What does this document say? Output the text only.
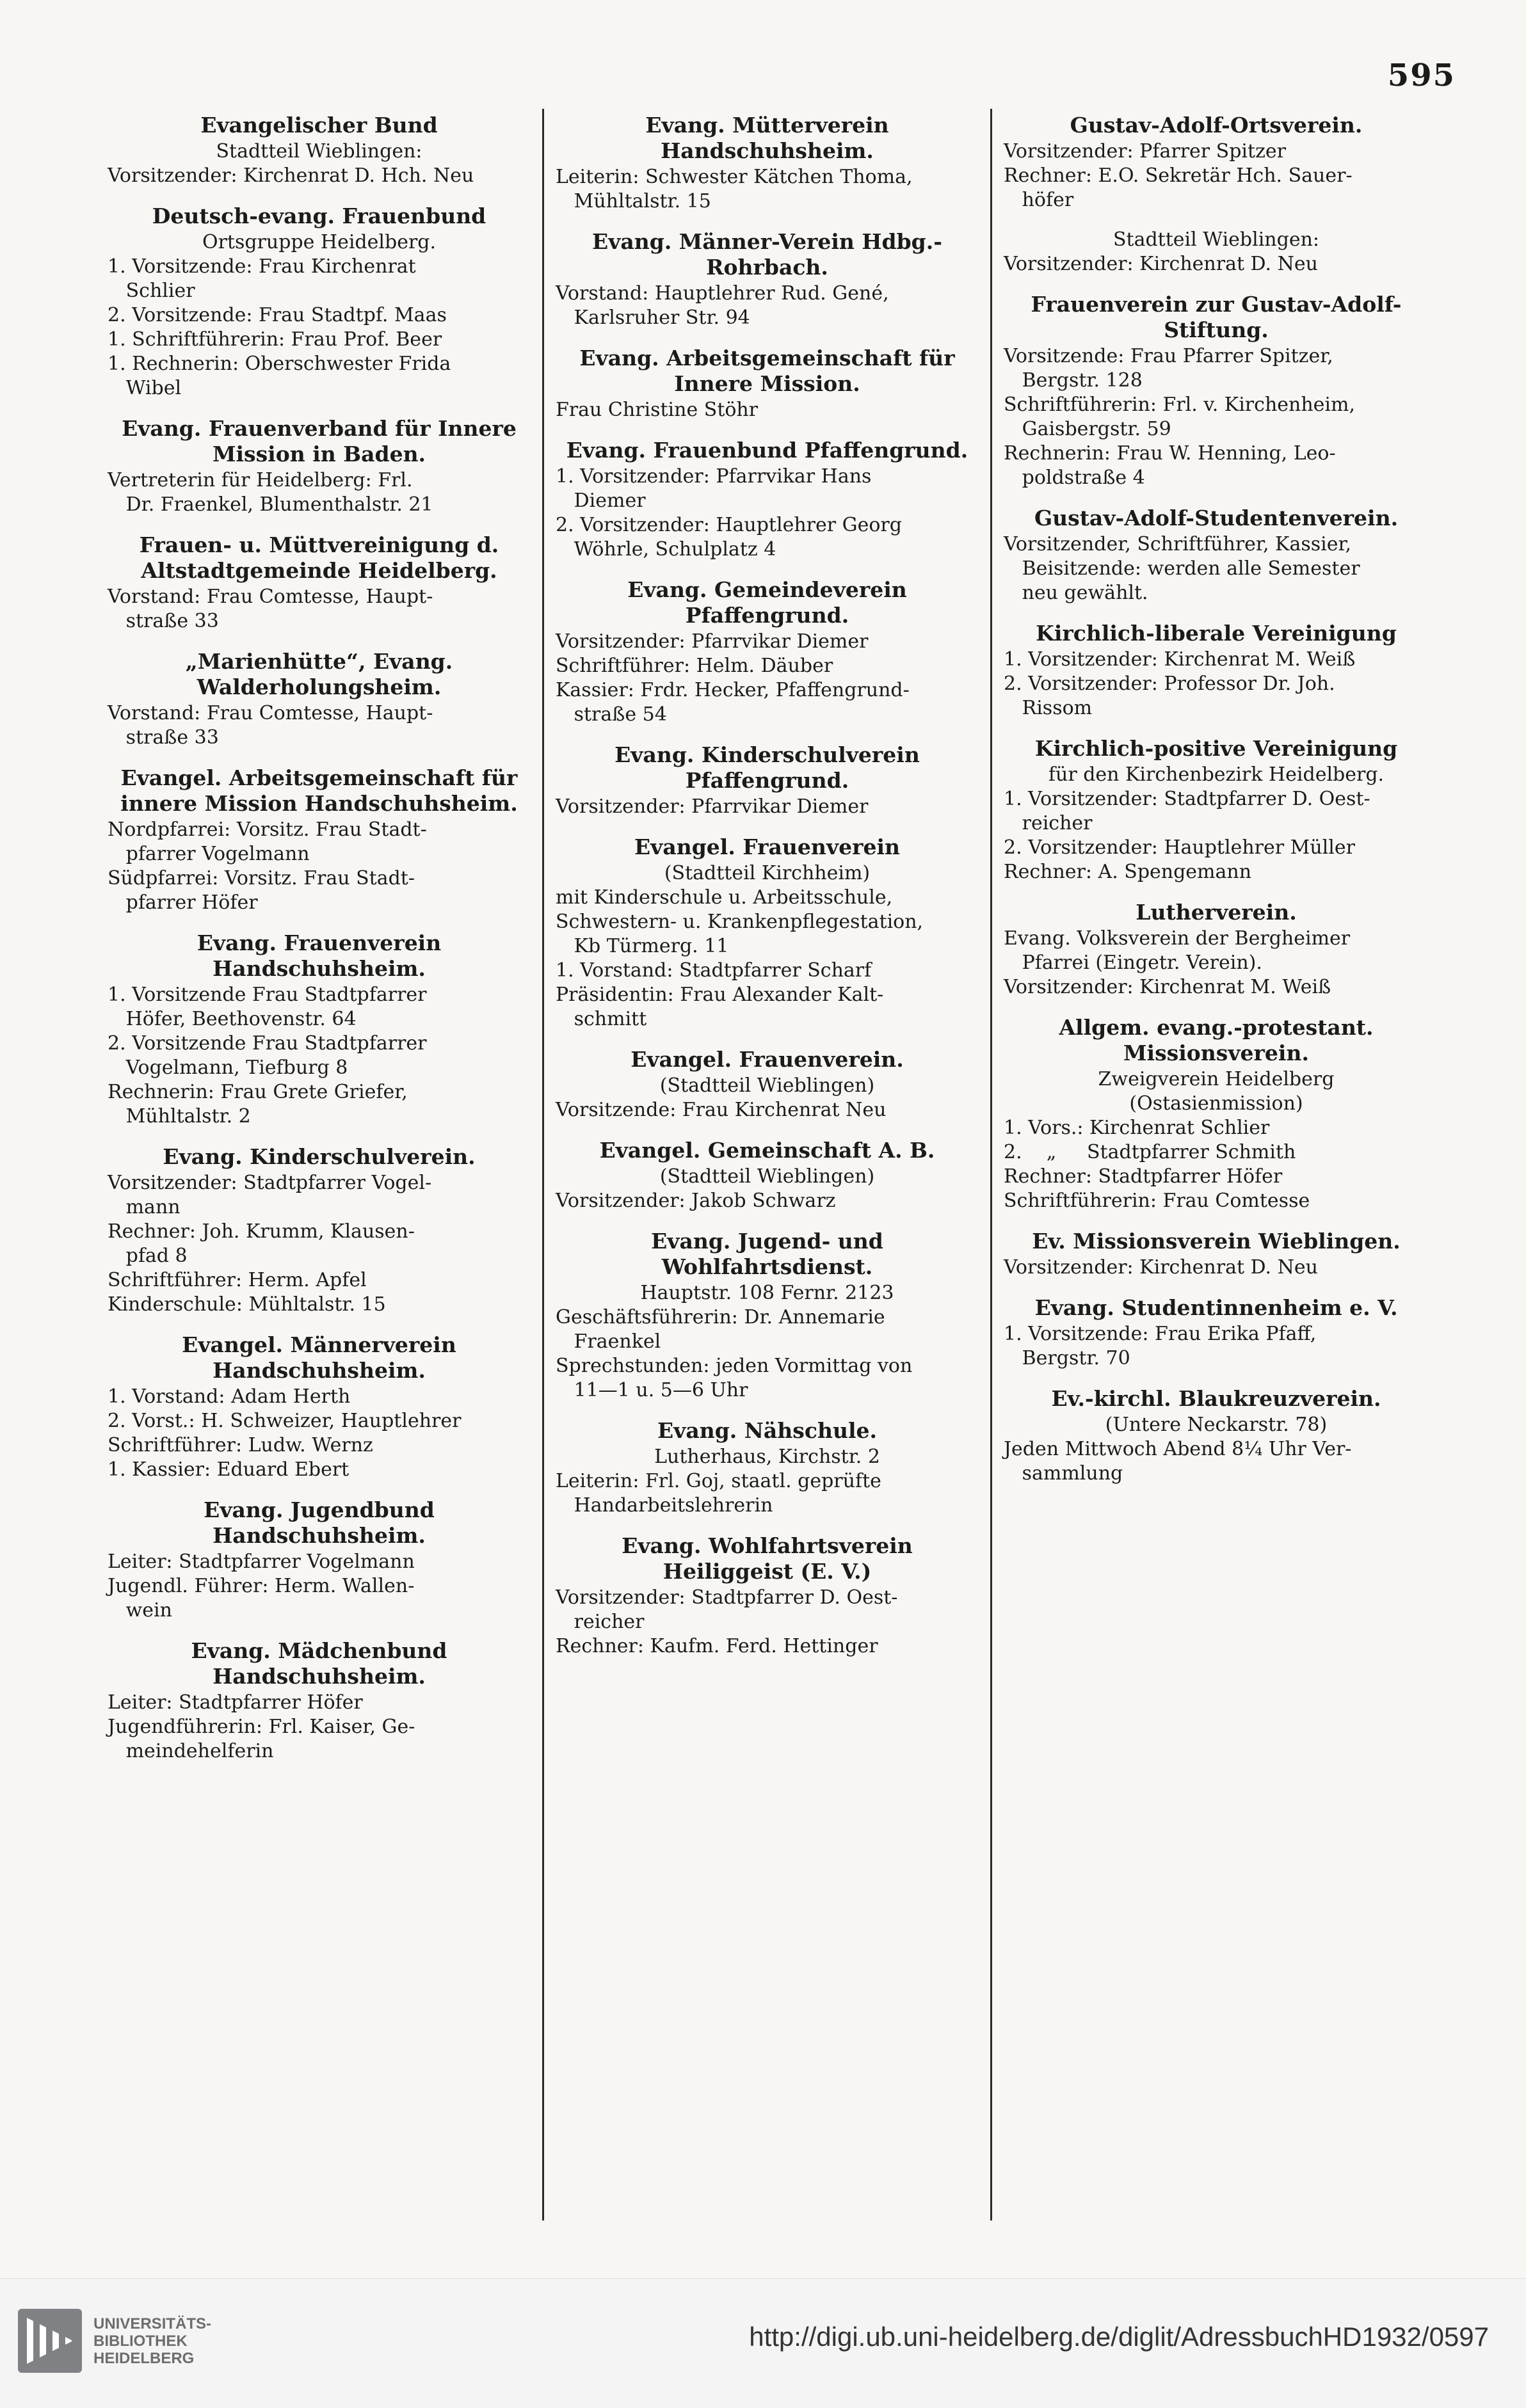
595
Evangelischer Bund
Stadtteil Wieblingen:
Vorsitzender: Kirchenrat D. Hch. Neu
Deutsch-evang. Frauenbund
Ortsgruppe Heidelberg.
1. Vorsitzende: Frau Kirchenrat
Schlier
2. Vorsitzende: Frau Stadtpf. Maas
1. Schriftführerin: Frau Prof. Beer
1. Rechnerin: Oberschwester Frida
Wibel
Evang. Frauenverband für Innere Mission in Baden.
Vertreterin für Heidelberg: Frl.
Dr. Fraenkel, Blumenthalstr. 21
Frauen- u. Müttvereinigung d. Altstadtgemeinde Heidelberg.
Vorstand: Frau Comtesse, Haupt-
straße 33
„Marienhütte“, Evang. Walderholungsheim.
Vorstand: Frau Comtesse, Haupt-
straße 33
Evangel. Arbeitsgemeinschaft für innere Mission Handschuhsheim.
Nordpfarrei: Vorsitz. Frau Stadt-
pfarrer Vogelmann
Südpfarrei: Vorsitz. Frau Stadt-
pfarrer Höfer
Evang. Frauenverein Handschuhsheim.
1. Vorsitzende Frau Stadtpfarrer
Höfer, Beethovenstr. 64
2. Vorsitzende Frau Stadtpfarrer
Vogelmann, Tiefburg 8
Rechnerin: Frau Grete Griefer,
Mühltalstr. 2
Evang. Kinderschulverein.
Vorsitzender: Stadtpfarrer Vogel-
mann
Rechner: Joh. Krumm, Klausen-
pfad 8
Schriftführer: Herm. Apfel
Kinderschule: Mühltalstr. 15
Evangel. Männerverein Handschuhsheim.
1. Vorstand: Adam Herth
2. Vorst.: H. Schweizer, Hauptlehrer
Schriftführer: Ludw. Wernz
1. Kassier: Eduard Ebert
Evang. Jugendbund Handschuhsheim.
Leiter: Stadtpfarrer Vogelmann
Jugendl. Führer: Herm. Wallen-
wein
Evang. Mädchenbund Handschuhsheim.
Leiter: Stadtpfarrer Höfer
Jugendführerin: Frl. Kaiser, Ge-
meindehelferin
Evang. Mütterverein Handschuhsheim.
Leiterin: Schwester Kätchen Thoma,
Mühltalstr. 15
Evang. Männer-Verein Hdbg.-Rohrbach.
Vorstand: Hauptlehrer Rud. Gené,
Karlsruher Str. 94
Evang. Arbeitsgemeinschaft für Innere Mission.
Frau Christine Stöhr
Evang. Frauenbund Pfaffengrund.
1. Vorsitzender: Pfarrvikar Hans
Diemer
2. Vorsitzender: Hauptlehrer Georg
Wöhrle, Schulplatz 4
Evang. Gemeindeverein Pfaffengrund.
Vorsitzender: Pfarrvikar Diemer
Schriftführer: Helm. Däuber
Kassier: Frdr. Hecker, Pfaffengrund-
straße 54
Evang. Kinderschulverein Pfaffengrund.
Vorsitzender: Pfarrvikar Diemer
Evangel. Frauenverein
(Stadtteil Kirchheim)
mit Kinderschule u. Arbeitsschule,
Schwestern- u. Krankenpflegestation,
Kb Türmerg. 11
1. Vorstand: Stadtpfarrer Scharf
Präsidentin: Frau Alexander Kalt-
schmitt
Evangel. Frauenverein.
(Stadtteil Wieblingen)
Vorsitzende: Frau Kirchenrat Neu
Evangel. Gemeinschaft A. B.
(Stadtteil Wieblingen)
Vorsitzender: Jakob Schwarz
Evang. Jugend- und Wohlfahrtsdienst.
Hauptstr. 108 Fernr. 2123
Geschäftsführerin: Dr. Annemarie
Fraenkel
Sprechstunden: jeden Vormittag von
11—1 u. 5—6 Uhr
Evang. Nähschule.
Lutherhaus, Kirchstr. 2
Leiterin: Frl. Goj, staatl. geprüfte
Handarbeitslehrerin
Evang. Wohlfahrtsverein Heiliggeist (E. V.)
Vorsitzender: Stadtpfarrer D. Oest-
reicher
Rechner: Kaufm. Ferd. Hettinger
Gustav-Adolf-Ortsverein.
Vorsitzender: Pfarrer Spitzer
Rechner: E.O. Sekretär Hch. Sauer-
höfer
Stadtteil Wieblingen:
Vorsitzender: Kirchenrat D. Neu
Frauenverein zur Gustav-Adolf-Stiftung.
Vorsitzende: Frau Pfarrer Spitzer,
Bergstr. 128
Schriftführerin: Frl. v. Kirchenheim,
Gaisbergstr. 59
Rechnerin: Frau W. Henning, Leo-
poldstraße 4
Gustav-Adolf-Studentenverein.
Vorsitzender, Schriftführer, Kassier,
Beisitzende: werden alle Semester
neu gewählt.
Kirchlich-liberale Vereinigung
1. Vorsitzender: Kirchenrat M. Weiß
2. Vorsitzender: Professor Dr. Joh.
Rissom
Kirchlich-positive Vereinigung
für den Kirchenbezirk Heidelberg.
1. Vorsitzender: Stadtpfarrer D. Oest-
reicher
2. Vorsitzender: Hauptlehrer Müller
Rechner: A. Spengemann
Lutherverein.
Evang. Volksverein der Bergheimer
Pfarrei (Eingetr. Verein).
Vorsitzender: Kirchenrat M. Weiß
Allgem. evang.-protestant. Missionsverein.
Zweigverein Heidelberg
(Ostasienmission)
1. Vors.: Kirchenrat Schlier
2.    „     Stadtpfarrer Schmith
Rechner: Stadtpfarrer Höfer
Schriftführerin: Frau Comtesse
Ev. Missionsverein Wieblingen.
Vorsitzender: Kirchenrat D. Neu
Evang. Studentinnenheim e. V.
1. Vorsitzende: Frau Erika Pfaff,
Bergstr. 70
Ev.-kirchl. Blaukreuzverein.
(Untere Neckarstr. 78)
Jeden Mittwoch Abend 8¼ Uhr Ver-
sammlung
UNIVERSITÄTS-
BIBLIOTHEK
HEIDELBERG
http://digi.ub.uni-heidelberg.de/diglit/AdressbuchHD1932/0597
